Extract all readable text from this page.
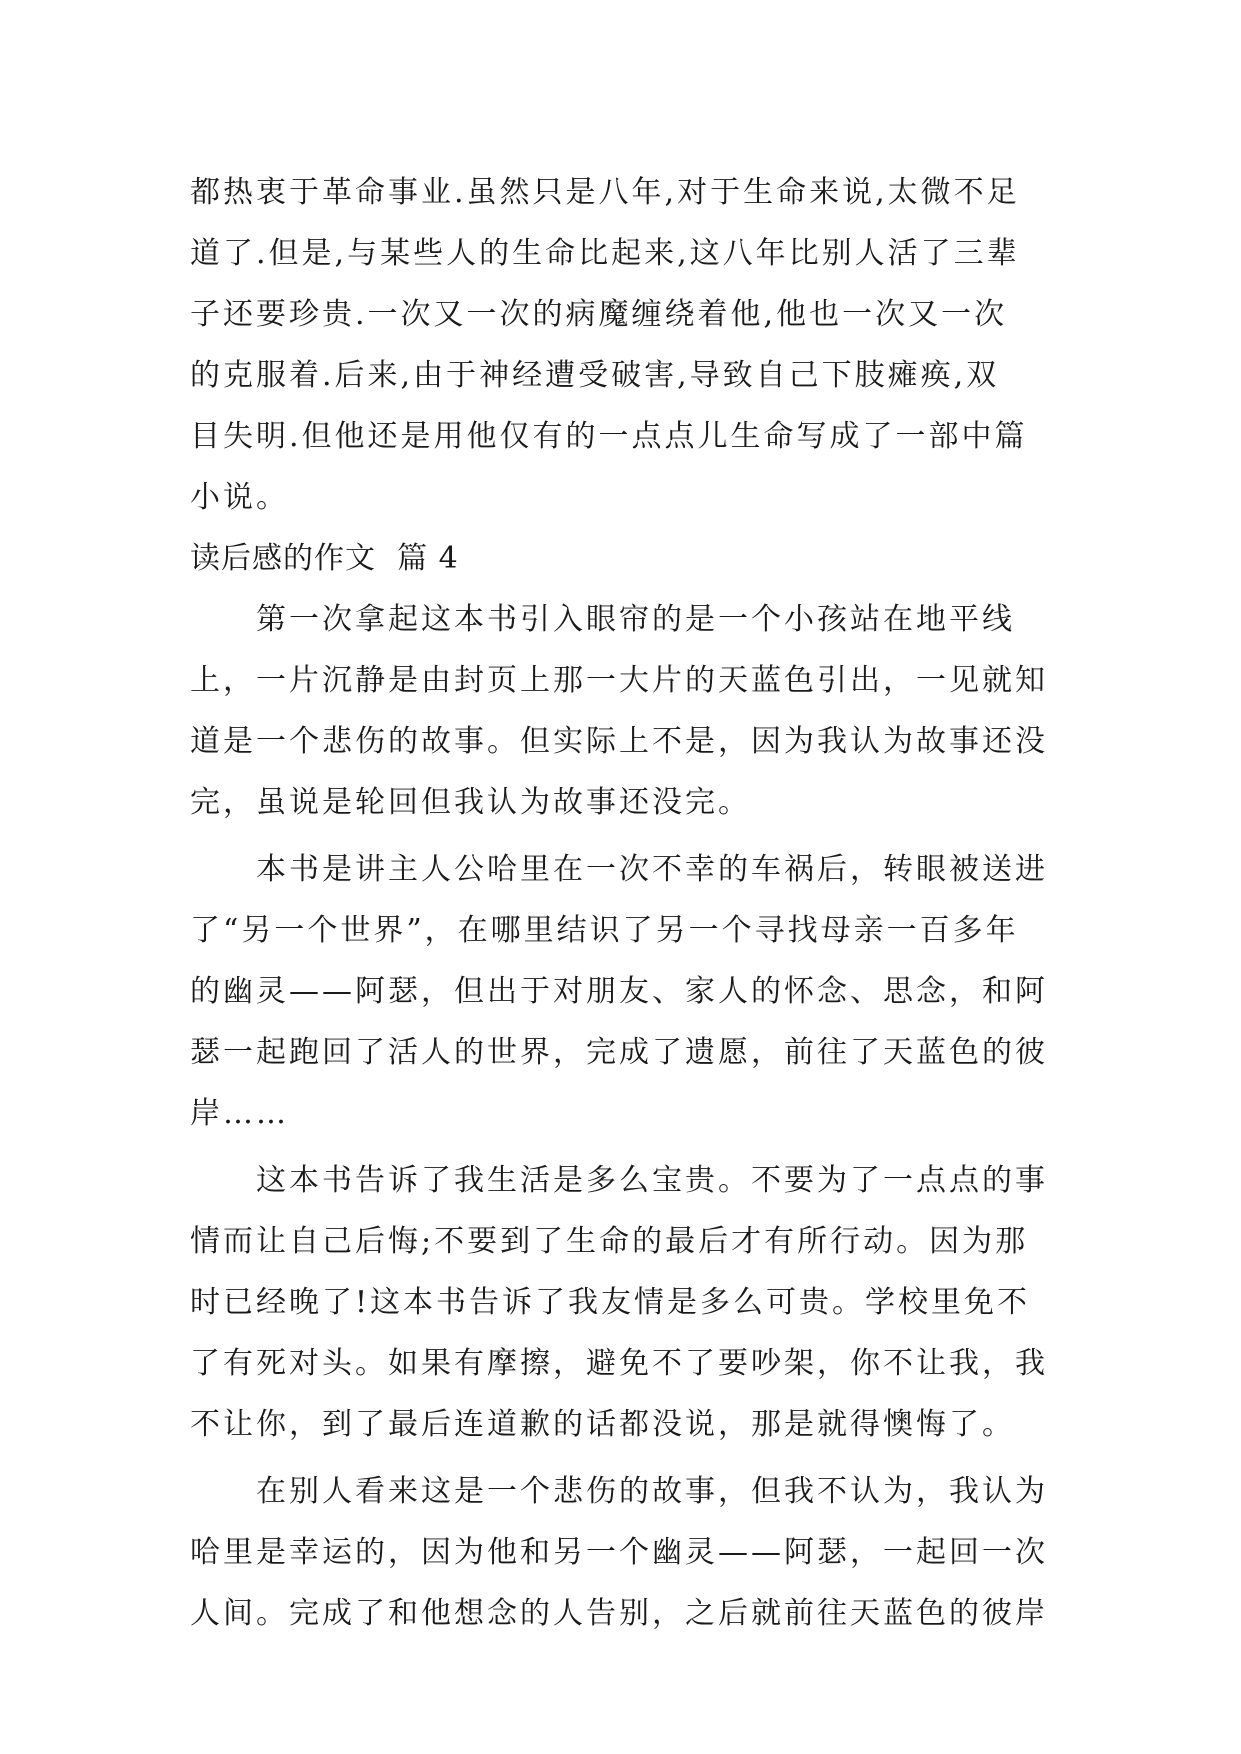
都热衷于革命事业.虽然只是八年,对于生命来说,太微不足
道了.但是,与某些人的生命比起来,这八年比别人活了三辈
子还要珍贵.一次又一次的病魔缠绕着他,他也一次又一次
的克服着.后来,由于神经遭受破害,导致自己下肢瘫痪,双
目失明.但他还是用他仅有的一点点儿生命写成了一部中篇
小说。
读后感的作文  篇 4
第一次拿起这本书引入眼帘的是一个小孩站在地平线
上，一片沉静是由封页上那一大片的天蓝色引出，一见就知
道是一个悲伤的故事。但实际上不是，因为我认为故事还没
完，虽说是轮回但我认为故事还没完。
本书是讲主人公哈里在一次不幸的车祸后，转眼被送进
了“另一个世界”，在哪里结识了另一个寻找母亲一百多年
的幽灵——阿瑟，但出于对朋友、家人的怀念、思念，和阿
瑟一起跑回了活人的世界，完成了遗愿，前往了天蓝色的彼
岸……
这本书告诉了我生活是多么宝贵。不要为了一点点的事
情而让自己后悔;不要到了生命的最后才有所行动。因为那
时已经晚了!这本书告诉了我友情是多么可贵。学校里免不
了有死对头。如果有摩擦，避免不了要吵架，你不让我，我
不让你，到了最后连道歉的话都没说，那是就得懊悔了。
在别人看来这是一个悲伤的故事，但我不认为，我认为
哈里是幸运的，因为他和另一个幽灵——阿瑟，一起回一次
人间。完成了和他想念的人告别，之后就前往天蓝色的彼岸
